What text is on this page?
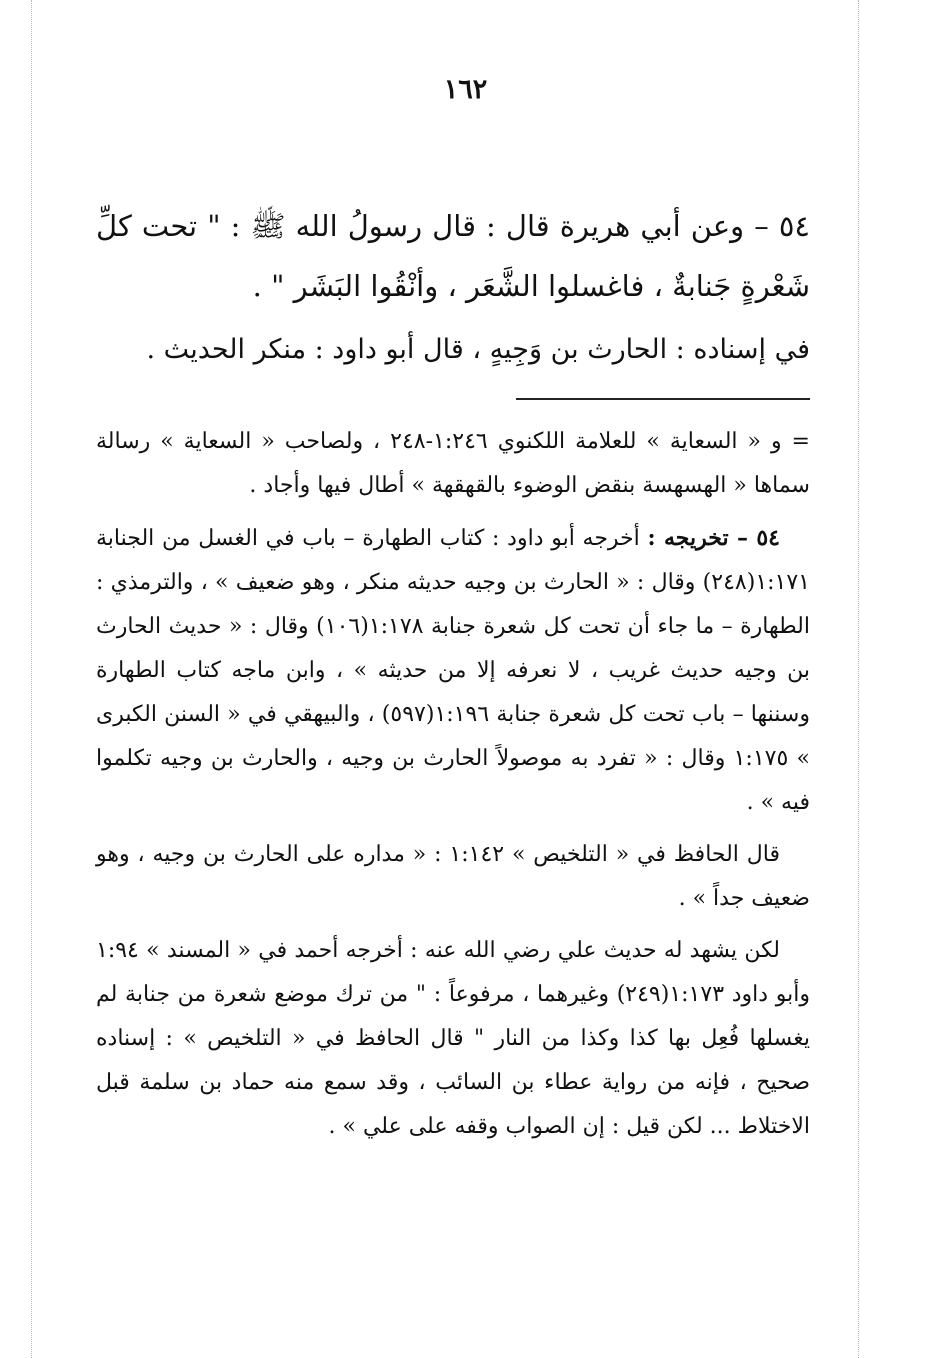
١٦٢

٥٤ – وعن أبي هريرة قال : قال رسولُ الله ﷺ : " تحت كلِّ شَعْرةٍ جَنابةٌ ، فاغسلوا الشَّعَر ، وأنْقُوا البَشَر " .

في إسناده : الحارث بن وَجِيهٍ ، قال أبو داود : منكر الحديث .

= و « السعاية » للعلامة اللكنوي ١:٢٤٦-٢٤٨ ، ولصاحب « السعاية » رسالة سماها « الهسهسة بنقض الوضوء بالقهقهة » أطال فيها وأجاد .

٥٤ – تخريجه : أخرجه أبو داود : كتاب الطهارة – باب في الغسل من الجنابة ١:١٧١(٢٤٨) وقال : « الحارث بن وجيه حديثه منكر ، وهو ضعيف » ، والترمذي : الطهارة – ما جاء أن تحت كل شعرة جنابة ١:١٧٨(١٠٦) وقال : « حديث الحارث بن وجيه حديث غريب ، لا نعرفه إلا من حديثه » ، وابن ماجه كتاب الطهارة وسننها – باب تحت كل شعرة جنابة ١:١٩٦(٥٩٧) ، والبيهقي في « السنن الكبرى » ١:١٧٥ وقال : « تفرد به موصولاً الحارث بن وجيه ، والحارث بن وجيه تكلموا فيه » .

قال الحافظ في « التلخيص » ١:١٤٢ : « مداره على الحارث بن وجيه ، وهو ضعيف جداً » .

لكن يشهد له حديث علي رضي الله عنه : أخرجه أحمد في « المسند » ١:٩٤ وأبو داود ١:١٧٣(٢٤٩) وغيرهما ، مرفوعاً : " من ترك موضع شعرة من جنابة لم يغسلها فُعِل بها كذا وكذا من النار " قال الحافظ في « التلخيص » : إسناده صحيح ، فإنه من رواية عطاء بن السائب ، وقد سمع منه حماد بن سلمة قبل الاختلاط ... لكن قيل : إن الصواب وقفه على علي » .
